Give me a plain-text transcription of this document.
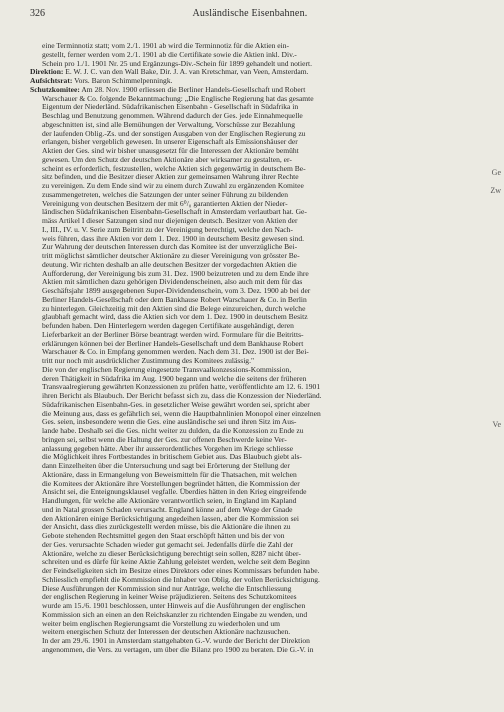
326	Ausländische Eisenbahnen.
eine Terminnotiz statt; vom 2./1. 1901 ab wird die Terminnotiz für die Aktien ein-
gestellt, ferner werden vom 2./1. 1901 ab die Certifikate sowie die Aktien inkl. Div.-
Schein pro 1./1. 1901 Nr. 25 und Ergänzungs-Div.-Schein für 1899 gehandelt und notiert.
Direktion: E. W. J. C. van den Wall Bake, Dir. J. A. van Kretschmar, van Veen, Amsterdam.
Aufsichtsrat: Vors. Baron Schimmelpenningk.
Schutzkomitee: Am 28. Nov. 1900 erliessen die Berliner Handels-Gesellschaft und Robert
Warschauer & Co. folgende Bekanntmachung: „Die Englische Regierung hat das gesamte
Eigentum der Niederländ. Südafrikanischen Eisenbahn - Gesellschaft in Südafrika in
Beschlag und Benutzung genommen. Während dadurch der Ges. jede Einnahmequelle
abgeschnitten ist, sind alle Bemühungen der Verwaltung, Vorschüsse zur Bezahlung
der laufenden Oblig.-Zs. und der sonstigen Ausgaben von der Englischen Regierung zu
erlangen, bisher vergeblich gewesen. In unserer Eigenschaft als Emissionshäuser der
Aktien der Ges. sind wir bisher unausgesetzt für die Interessen der Aktionäre bemüht
gewesen. Um den Schutz der deutschen Aktionäre aber wirksamer zu gestalten, er-
scheint es erforderlich, festzustellen, welche Aktien sich gegenwärtig in deutschem Be-
sitz befinden, und die Besitzer dieser Aktien zur gemeinsamen Wahrung ihrer Rechte
zu vereinigen. Zu dem Ende sind wir zu einem durch Zuwahl zu ergänzenden Komitee
zusammengetreten, welches die Satzungen der unter seiner Führung zu bildenden
Vereinigung von deutschen Besitzern der mit 6⁰/₀ garantierten Aktien der Nieder-
ländischen Südafrikanischen Eisenbahn-Gesellschaft in Amsterdam verlautbart hat. Ge-
mäss Artikel I dieser Satzungen sind nur diejenigen deutsch. Besitzer von Aktien der
I., III., IV. u. V. Serie zum Beitritt zu der Vereinigung berechtigt, welche den Nach-
weis führen, dass ihre Aktien vor dem 1. Dez. 1900 in deutschem Besitz gewesen sind.
Zur Wahrung der deutschen Interessen durch das Komitee ist der unverzügliche Bei-
tritt möglichst sämtlicher deutscher Aktionäre zu dieser Vereinigung von grösster Be-
deutung. Wir richten deshalb an alle deutschen Besitzer der vorgedachten Aktien die
Aufforderung, der Vereinigung bis zum 31. Dez. 1900 beizutreten und zu dem Ende ihre
Aktien mit sämtlichen dazu gehörigen Dividendenscheinen, also auch mit dem für das
Geschäftsjahr 1899 ausgegebenen Super-Dividendenschein, vom 3. Dez. 1900 ab bei der
Berliner Handels-Gesellschaft oder dem Bankhause Robert Warschauer & Co. in Berlin
zu hinterlegen. Gleichzeitig mit den Aktien sind die Belege einzureichen, durch welche
glaubhaft gemacht wird, dass die Aktien sich vor dem 1. Dez. 1900 in deutschem Besitz
befunden haben. Den Hinterlegern werden dagegen Certifikate ausgehändigt, deren
Lieferbarkeit an der Berliner Börse beantragt werden wird. Formulare für die Beitritts-
erklärungen können bei der Berliner Handels-Gesellschaft und dem Bankhause Robert
Warschauer & Co. in Empfang genommen werden. Nach dem 31. Dez. 1900 ist der Bei-
tritt nur noch mit ausdrücklicher Zustimmung des Komitees zulässig."
Die von der englischen Regierung eingesetzte Transvaalkonzessions-Kommission,
deren Thätigkeit in Südafrika im Aug. 1900 begann und welche die seitens der früheren
Transvaalregierung gewährten Konzessionen zu prüfen hatte, veröffentlichte am 12. 6. 1901
ihren Bericht als Blaubuch. Der Bericht befasst sich zu, dass die Konzession der Niederländ.
Südafrikanischen Eisenbahn-Ges. in gesetzlicher Weise gewährt worden sei, spricht aber
die Meinung aus, dass es gefährlich sei, wenn die Hauptbahnlinien Monopol einer einzelnen
Ges. seien, insbesondere wenn die Ges. eine ausländische sei und ihren Sitz im Aus-
lande habe. Deshalb sei die Ges. nicht weiter zu dulden, da die Konzession zu Ende zu
bringen sei, selbst wenn die Haltung der Ges. zur offenen Beschwerde keine Ver-
anlassung gegeben hätte. Aber ihr ausserordentliches Vorgehen im Kriege schliesse
die Möglichkeit ihres Fortbestandes in britischem Gebiet aus. Das Blaubuch giebt als-
dann Einzelheiten über die Untersuchung und sagt bei Erörterung der Stellung der
Aktionäre, dass in Ermangelung von Beweismitteln für die Thatsachen, mit welchen
die Komitees der Aktionäre ihre Vorstellungen begründet hätten, die Kommission der
Ansicht sei, die Enteignungsklausel vegfalle. Überdies hätten in den Krieg eingreifende
Handlungen, für welche alle Aktionäre verantwortlich seien, in England im Kapland
und in Natal grossen Schaden verursacht. England könne auf dem Wege der Gnade
den Aktionären einige Berücksichtigung angedeihen lassen, aber die Kommission sei
der Ansicht, dass dies zurückgestellt werden müsse, bis die Aktionäre die ihnen zu
Gebote stehenden Rechtsmittel gegen den Staat erschöpft hätten und bis der von
der Ges. verursachte Schaden wieder gut gemacht sei. Jedenfalls dürfe die Zahl der
Aktionäre, welche zu dieser Berücksichtigung berechtigt sein sollen, 8287 nicht über-
schreiten und es dürfe für keine Aktie Zahlung geleistet werden, welche seit dem Beginn
der Feindseligkeiten sich im Besitze eines Direktors oder eines Kommissars befunden habe.
Schliesslich empfiehlt die Kommission die Inhaber von Oblig. der vollen Berücksichtigung.
Diese Ausführungen der Kommission sind nur Anträge, welche die Entschliessung
der englischen Regierung in keiner Weise präjudizieren. Seitens des Schutzkomitees
wurde am 15./6. 1901 beschlossen, unter Hinweis auf die Ausführungen der englischen
Kommission sich an einen an den Reichskanzler zu richtenden Eingabe zu wenden, und
weiter beim englischen Regierungsamt die Vorstellung zu wiederholen und um
weitern energischen Schutz der Interessen der deutschen Aktionäre nachzusuchen.
In der am 29./6. 1901 in Amsterdam stattgehabten G.-V. wurde der Bericht der Direktion
angenommen, die Vers. zu vertagen, um über die Bilanz pro 1900 zu beraten. Die G.-V. in
Ge
Zw
Ve
